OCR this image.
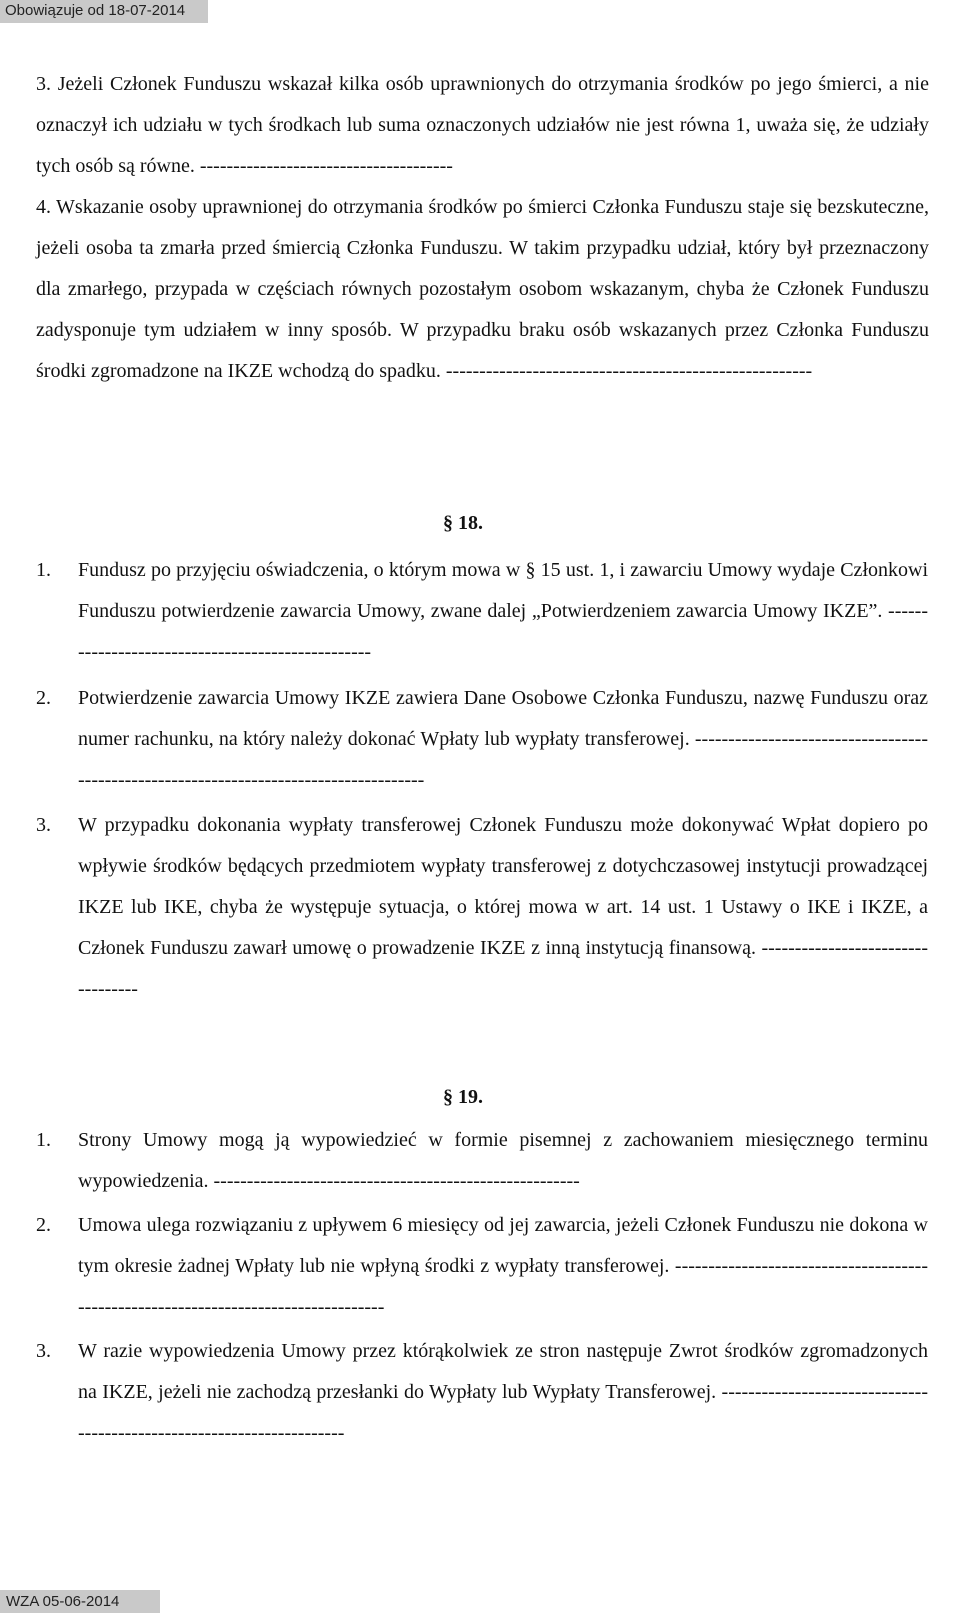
Obowiązuje od 18-07-2014
3. Jeżeli Członek Funduszu wskazał kilka osób uprawnionych do otrzymania środków po jego śmierci, a nie oznaczył ich udziału w tych środkach lub suma oznaczonych udziałów nie jest równa 1, uważa się, że udziały tych osób są równe. --------------------------------------
4. Wskazanie osoby uprawnionej do otrzymania środków po śmierci Członka Funduszu staje się bezskuteczne, jeżeli osoba ta zmarła przed śmiercią Członka Funduszu. W takim przypadku udział, który był przeznaczony dla zmarłego, przypada w częściach równych pozostałym osobom wskazanym, chyba że Członek Funduszu zadysponuje tym udziałem w inny sposób. W przypadku braku osób wskazanych przez Członka Funduszu środki zgromadzone na IKZE wchodzą do spadku. -------------------------------------------------------
§ 18.
1. Fundusz po przyjęciu oświadczenia, o którym mowa w § 15 ust. 1, i zawarciu Umowy wydaje Członkowi Funduszu potwierdzenie zawarcia Umowy, zwane dalej „Potwierdzeniem zawarcia Umowy IKZE”. --------------------------------------------------
2. Potwierdzenie zawarcia Umowy IKZE zawiera Dane Osobowe Członka Funduszu, nazwę Funduszu oraz numer rachunku, na który należy dokonać Wpłaty lub wypłaty transferowej. ---------------------------------------------------------------------------------------
3. W przypadku dokonania wypłaty transferowej Członek Funduszu może dokonywać Wpłat dopiero po wpływie środków będących przedmiotem wypłaty transferowej z dotychczasowej instytucji prowadzącej IKZE lub IKE, chyba że występuje sytuacja, o której mowa w art. 14 ust. 1 Ustawy o IKE i IKZE, a Członek Funduszu zawarł umowę o prowadzenie IKZE z inną instytucją finansową. ----------------------------------
§ 19.
1. Strony Umowy mogą ją wypowiedzieć w formie pisemnej z zachowaniem miesięcznego terminu wypowiedzenia. -------------------------------------------------------
2. Umowa ulega rozwiązaniu z upływem 6 miesięcy od jej zawarcia, jeżeli Członek Funduszu nie dokona w tym okresie żadnej Wpłaty lub nie wpłyną środki z wypłaty transferowej. ------------------------------------------------------------------------------------
3. W razie wypowiedzenia Umowy przez którąkolwiek ze stron następuje Zwrot środków zgromadzonych na IKZE, jeżeli nie zachodzą przesłanki do Wypłaty lub Wypłaty Transferowej. -----------------------------------------------------------------------
WZA 05-06-2014
